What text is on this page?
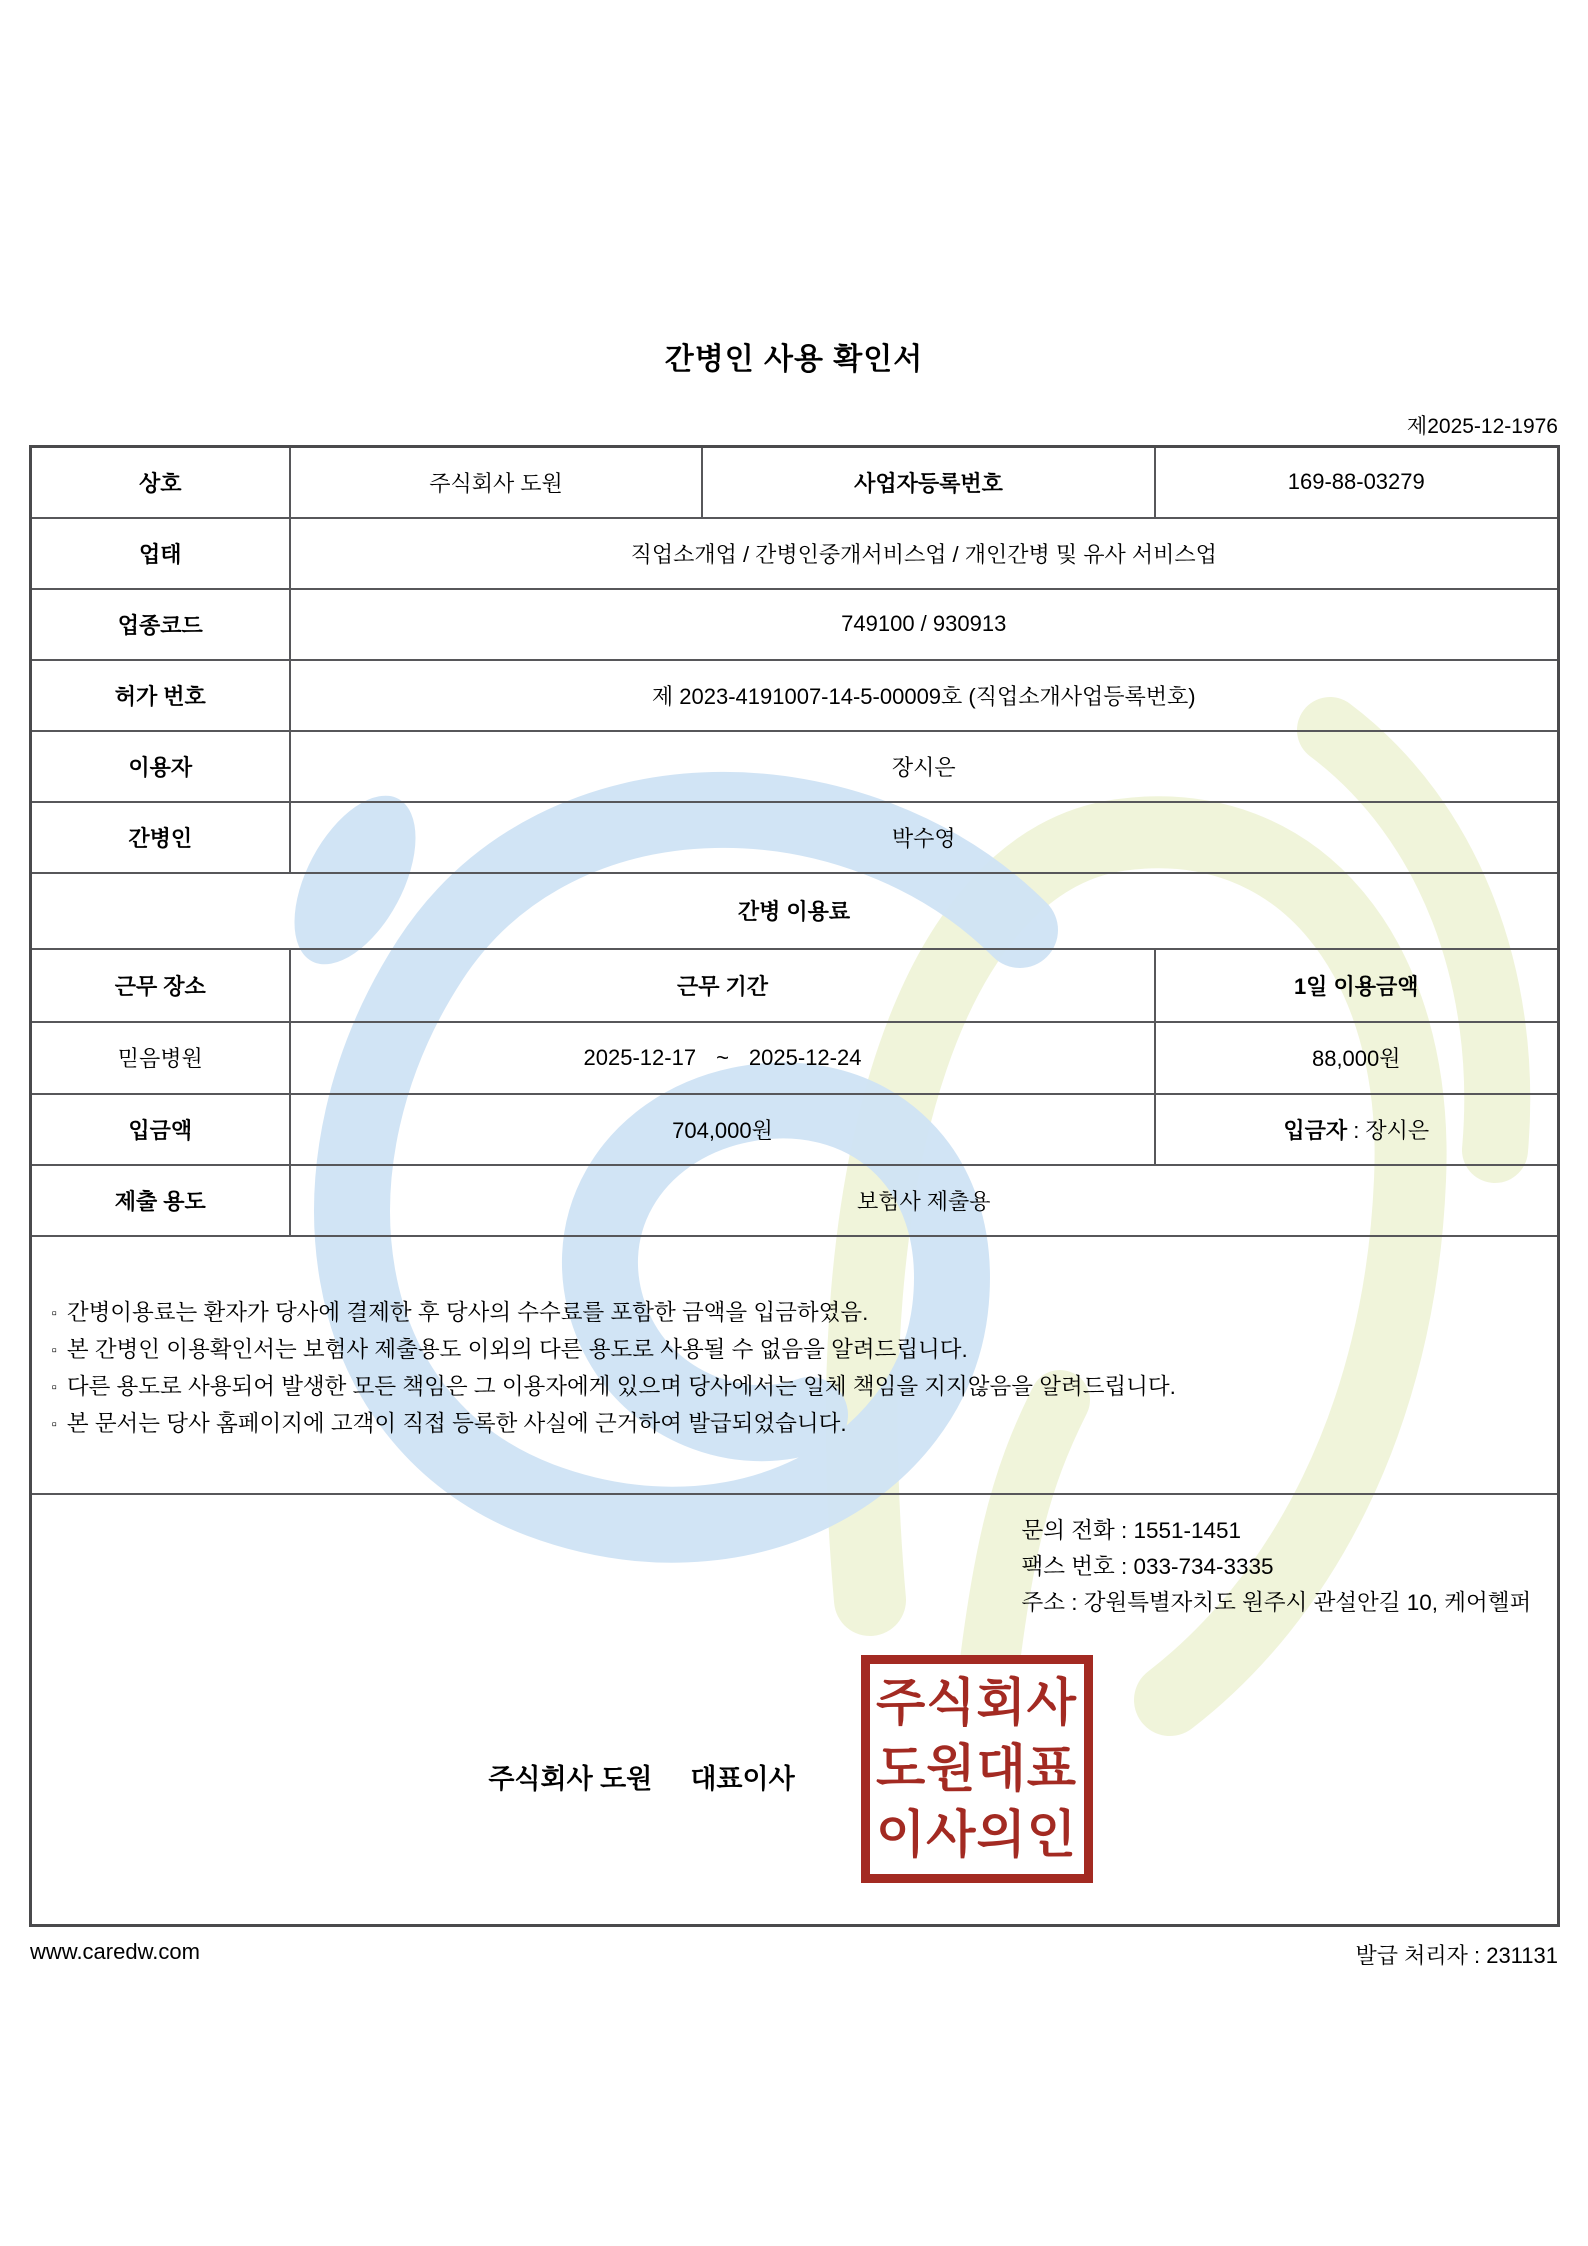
간병인 사용 확인서
제2025-12-1976
상호	주식회사 도원	사업자등록번호	169-88-03279
업태	직업소개업 / 간병인중개서비스업 / 개인간병 및 유사 서비스업		
업종코드	749100 / 930913		
허가 번호	제 2023-4191007-14-5-00009호 (직업소개사업등록번호)		
이용자	장시은		
간병인	박수영		
간병 이용료			
근무 장소	근무 기간		1일 이용금액
믿음병원	2025-12-17 ~ 2025-12-24		88,000원
입금액	704,000원		입금자 : 장시은
제출 용도	보험사 제출용		

▫ 간병이용료는 환자가 당사에 결제한 후 당사의 수수료를 포함한 금액을 입금하였음.
▫ 본 간병인 이용확인서는 보험사 제출용도 이외의 다른 용도로 사용될 수 없음을 알려드립니다.
▫ 다른 용도로 사용되어 발생한 모든 책임은 그 이용자에게 있으며 당사에서는 일체 책임을 지지않음을 알려드립니다.
▫ 본 문서는 당사 홈페이지에 고객이 직접 등록한 사실에 근거하여 발급되었습니다.			

문의 전화 : 1551-1451
팩스 번호 : 033-734-3335
주소 : 강원특별자치도 원주시 관설안길 10, 케어헬퍼
주식회사 도원 대표이사
주식회사
도원대표
이사의인
www.caredw.com	발급 처리자 : 231131
